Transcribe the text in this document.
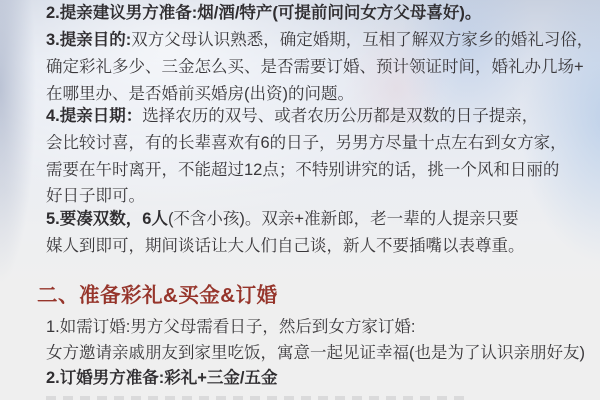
2.提亲建议男方准备:烟/酒/特产(可提前问问女方父母喜好)。
3.提亲目的:双方父母认识熟悉，确定婚期，互相了解双方家乡的婚礼习俗，
确定彩礼多少、三金怎么买、是否需要订婚、预计领证时间，婚礼办几场+
在哪里办、是否婚前买婚房(出资)的问题。
4.提亲日期：选择农历的双号、或者农历公历都是双数的日子提亲，
会比较讨喜，有的长辈喜欢有6的日子，另男方尽量十点左右到女方家，
需要在午时离开，不能超过12点；不特别讲究的话，挑一个风和日丽的
好日子即可。
5.要凑双数，6人(不含小孩)。双亲+准新郎，老一辈的人提亲只要
媒人到即可，期间谈话让大人们自己谈，新人不要插嘴以表尊重。
二、准备彩礼&买金&订婚
1.如需订婚:男方父母需看日子，然后到女方家订婚:
女方邀请亲戚朋友到家里吃饭，寓意一起见证幸福(也是为了认识亲朋好友)
2.订婚男方准备:彩礼+三金/五金
